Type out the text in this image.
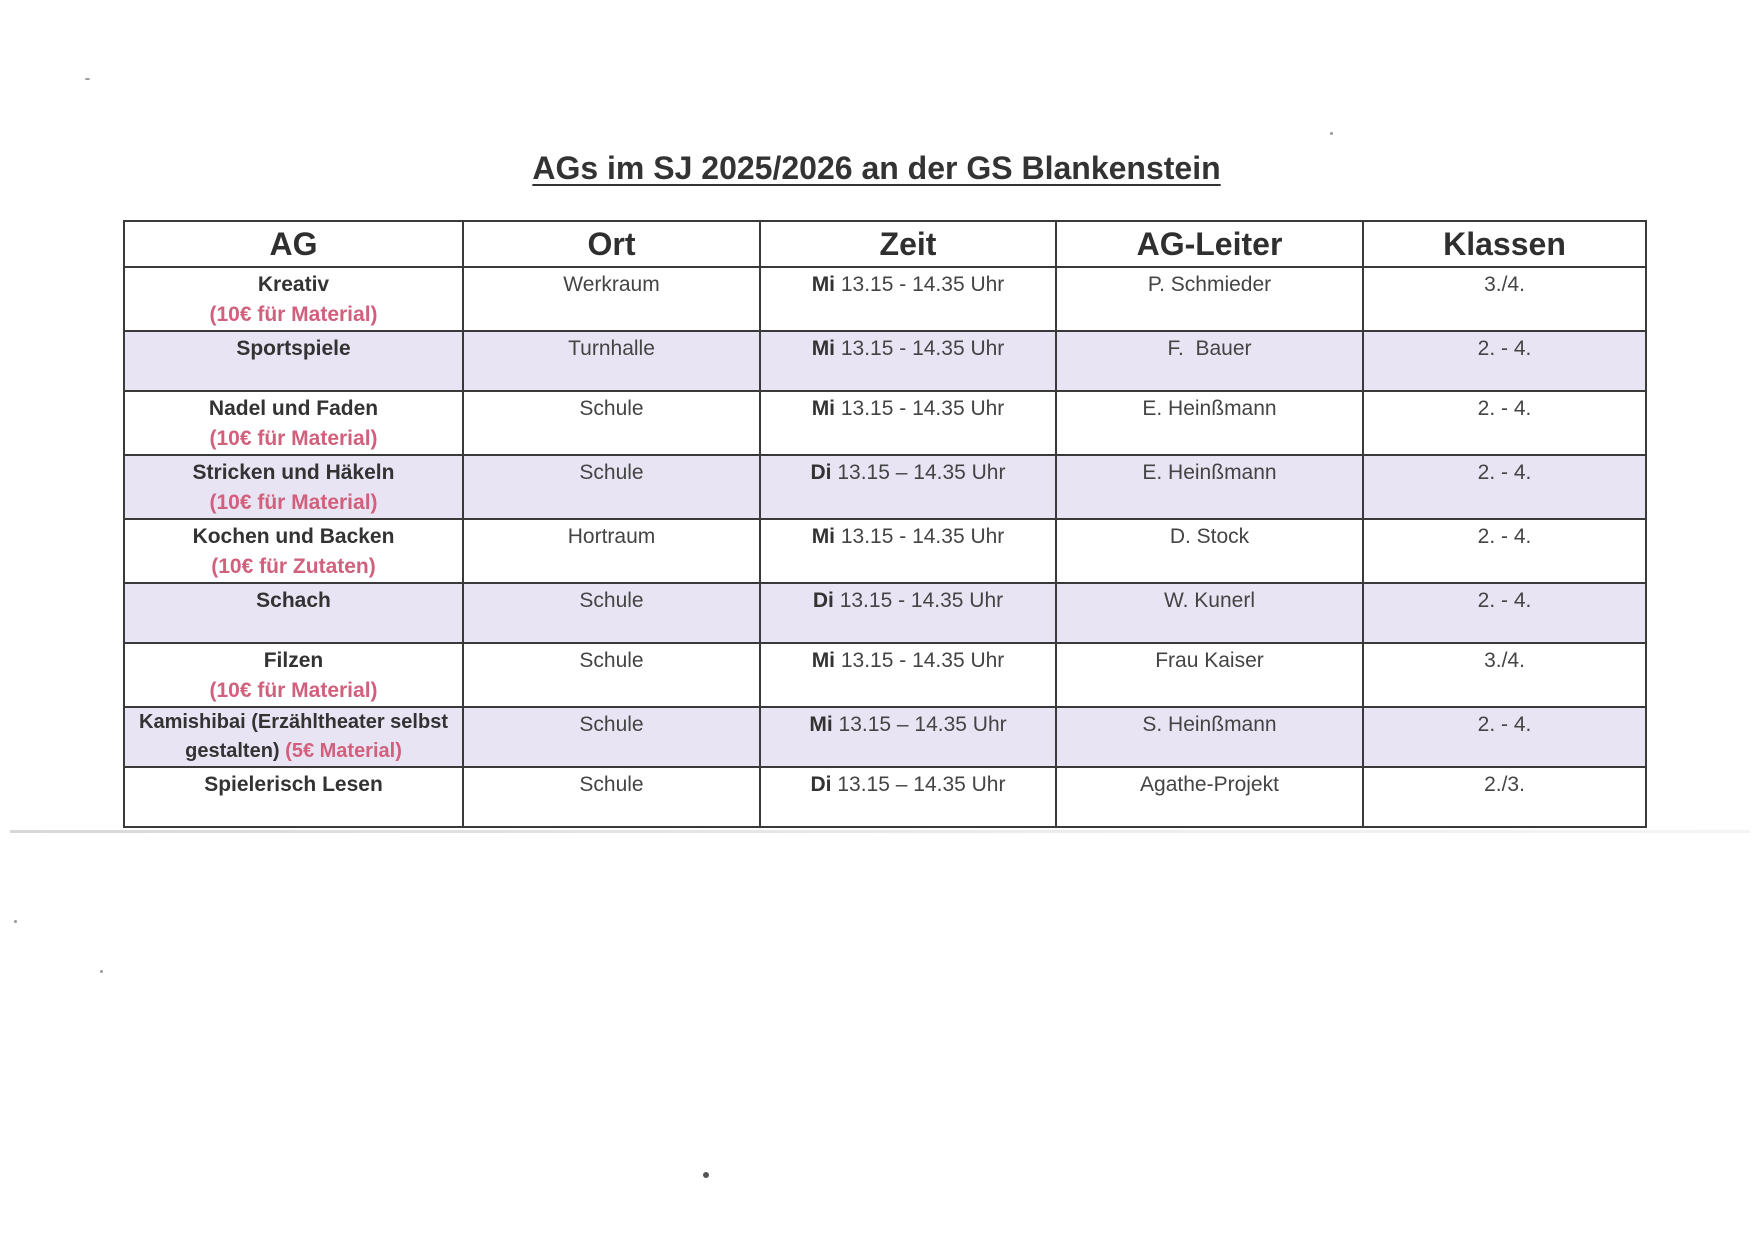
AGs im SJ 2025/2026 an der GS Blankenstein
AG	Ort	Zeit	AG-Leiter	Klassen
Kreativ
(10€ für Material)	Werkraum	Mi 13.15 - 14.35 Uhr	P. Schmieder	3./4.
Sportspiele	Turnhalle	Mi 13.15 - 14.35 Uhr	F.  Bauer	2. - 4.
Nadel und Faden
(10€ für Material)	Schule	Mi 13.15 - 14.35 Uhr	E. Heinßmann	2. - 4.
Stricken und Häkeln
(10€ für Material)	Schule	Di 13.15 – 14.35 Uhr	E. Heinßmann	2. - 4.
Kochen und Backen
(10€ für Zutaten)	Hortraum	Mi 13.15 - 14.35 Uhr	D. Stock	2. - 4.
Schach	Schule	Di 13.15 - 14.35 Uhr	W. Kunerl	2. - 4.
Filzen
(10€ für Material)	Schule	Mi 13.15 - 14.35 Uhr	Frau Kaiser	3./4.
Kamishibai (Erzähltheater selbst gestalten) (5€ Material)	Schule	Mi 13.15 – 14.35 Uhr	S. Heinßmann	2. - 4.
Spielerisch Lesen	Schule	Di 13.15 – 14.35 Uhr	Agathe-Projekt	2./3.
